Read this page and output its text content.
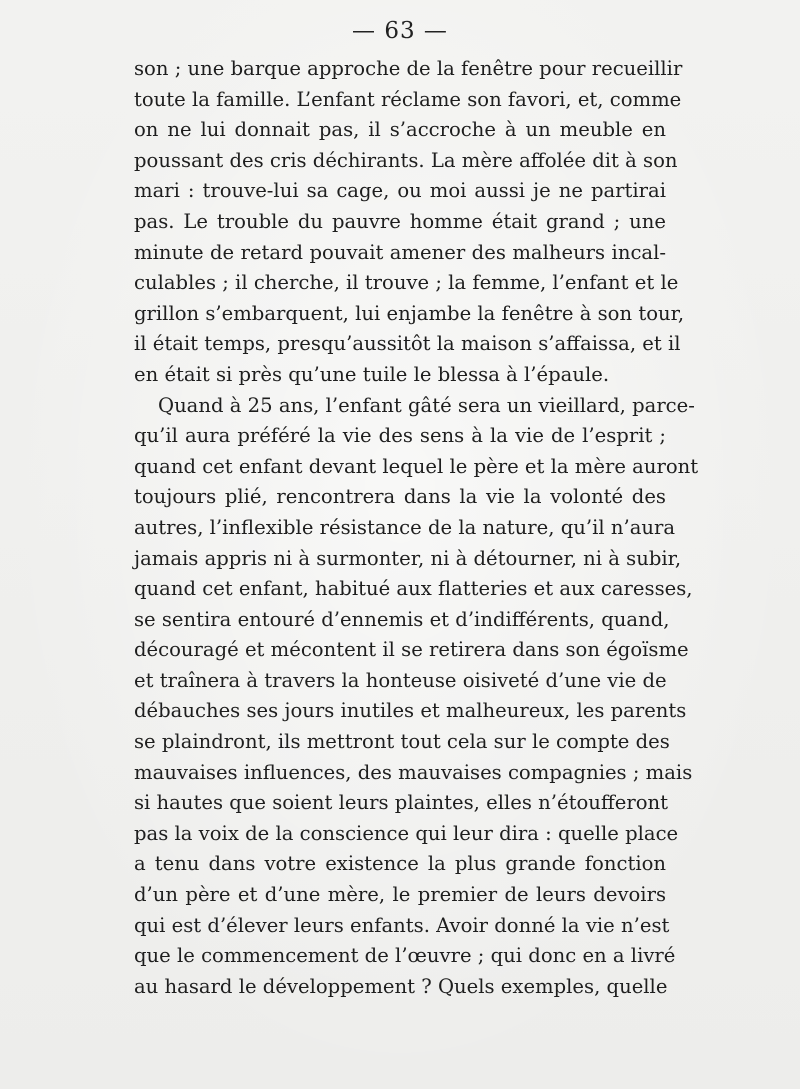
— 63 —
son ; une barque approche de la fenêtre pour recueillir
toute la famille. L’enfant réclame son favori, et, comme
on ne lui donnait pas, il s’accroche à un meuble en
poussant des cris déchirants. La mère affolée dit à son
mari : trouve-lui sa cage, ou moi aussi je ne partirai
pas. Le trouble du pauvre homme était grand ; une
minute de retard pouvait amener des malheurs incal-
culables ; il cherche, il trouve ; la femme, l’enfant et le
grillon s’embarquent, lui enjambe la fenêtre à son tour,
il était temps, presqu’aussitôt la maison s’affaissa, et il
en était si près qu’une tuile le blessa à l’épaule.
Quand à 25 ans, l’enfant gâté sera un vieillard, parce-
qu’il aura préféré la vie des sens à la vie de l’esprit ;
quand cet enfant devant lequel le père et la mère auront
toujours plié, rencontrera dans la vie la volonté des
autres, l’inflexible résistance de la nature, qu’il n’aura
jamais appris ni à surmonter, ni à détourner, ni à subir,
quand cet enfant, habitué aux flatteries et aux caresses,
se sentira entouré d’ennemis et d’indifférents, quand,
découragé et mécontent il se retirera dans son égoïsme
et traînera à travers la honteuse oisiveté d’une vie de
débauches ses jours inutiles et malheureux, les parents
se plaindront, ils mettront tout cela sur le compte des
mauvaises influences, des mauvaises compagnies ; mais
si hautes que soient leurs plaintes, elles n’étoufferont
pas la voix de la conscience qui leur dira : quelle place
a tenu dans votre existence la plus grande fonction
d’un père et d’une mère, le premier de leurs devoirs
qui est d’élever leurs enfants. Avoir donné la vie n’est
que le commencement de l’œuvre ; qui donc en a livré
au hasard le développement ? Quels exemples, quelle
